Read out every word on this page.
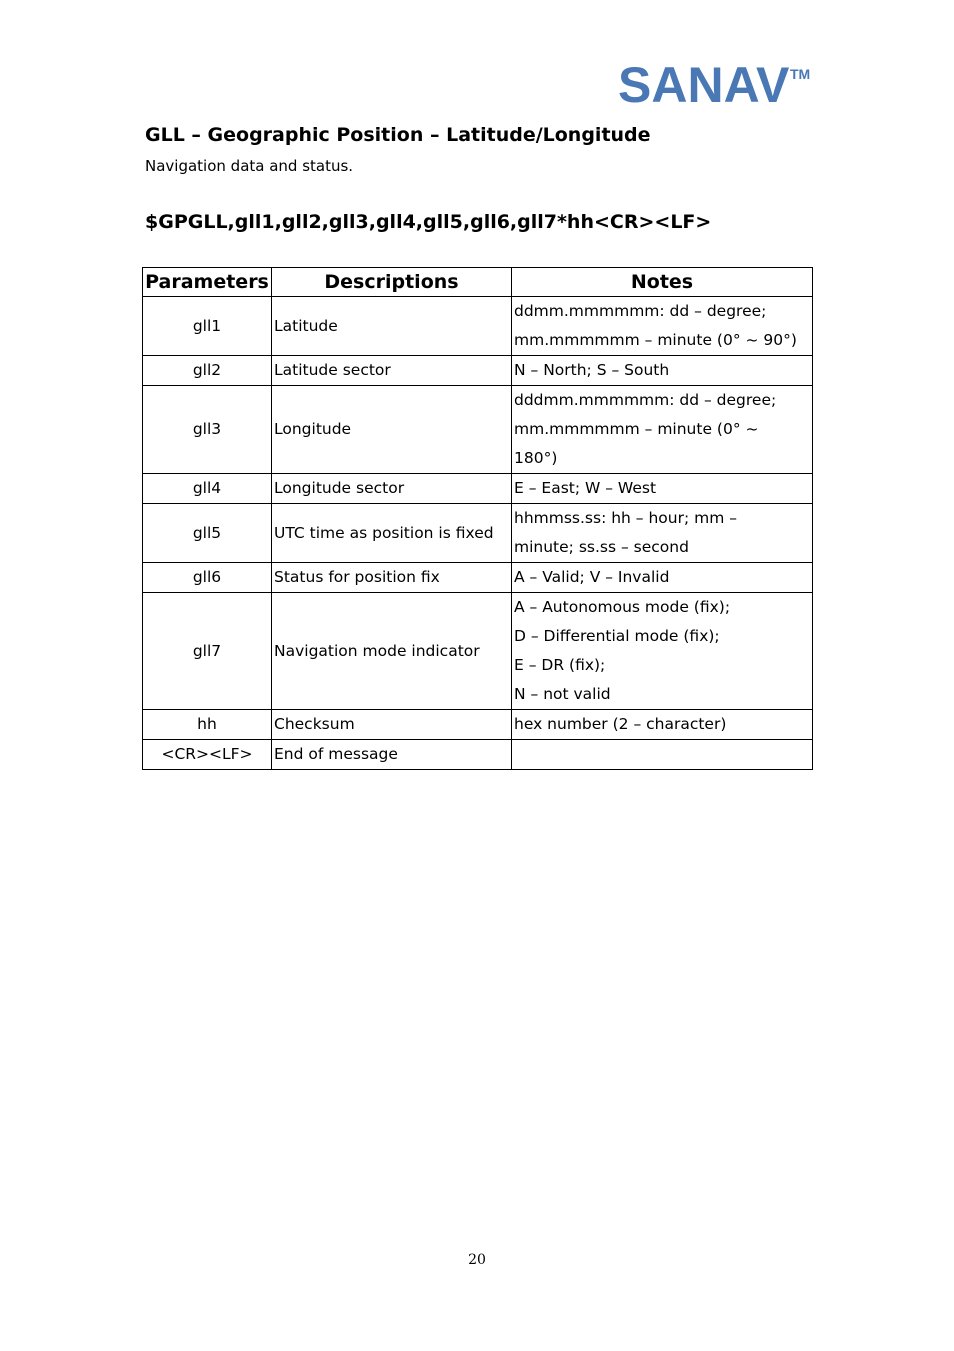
SANAV TM
GLL – Geographic Position – Latitude/Longitude
Navigation data and status.
$GPGLL,gll1,gll2,gll3,gll4,gll5,gll6,gll7*hh<CR><LF>
Parameters	Descriptions	Notes
gll1	Latitude	ddmm.mmmmmm: dd – degree;
mm.mmmmmm – minute (0° ~ 90°)

gll2	Latitude sector	N – North; S – South

gll3	Longitude	dddmm.mmmmmm: dd – degree;
mm.mmmmmm – minute (0° ~
180°)

gll4	Longitude sector	E – East; W – West

gll5	UTC time as position is fixed	hhmmss.ss: hh – hour; mm –
minute; ss.ss – second

gll6	Status for position fix	A – Valid; V – Invalid

gll7	Navigation mode indicator	A – Autonomous mode (fix);
D – Differential mode (fix);
E – DR (fix);
N – not valid

hh	Checksum	hex number (2 – character)

<CR><LF>	End of message	
20
